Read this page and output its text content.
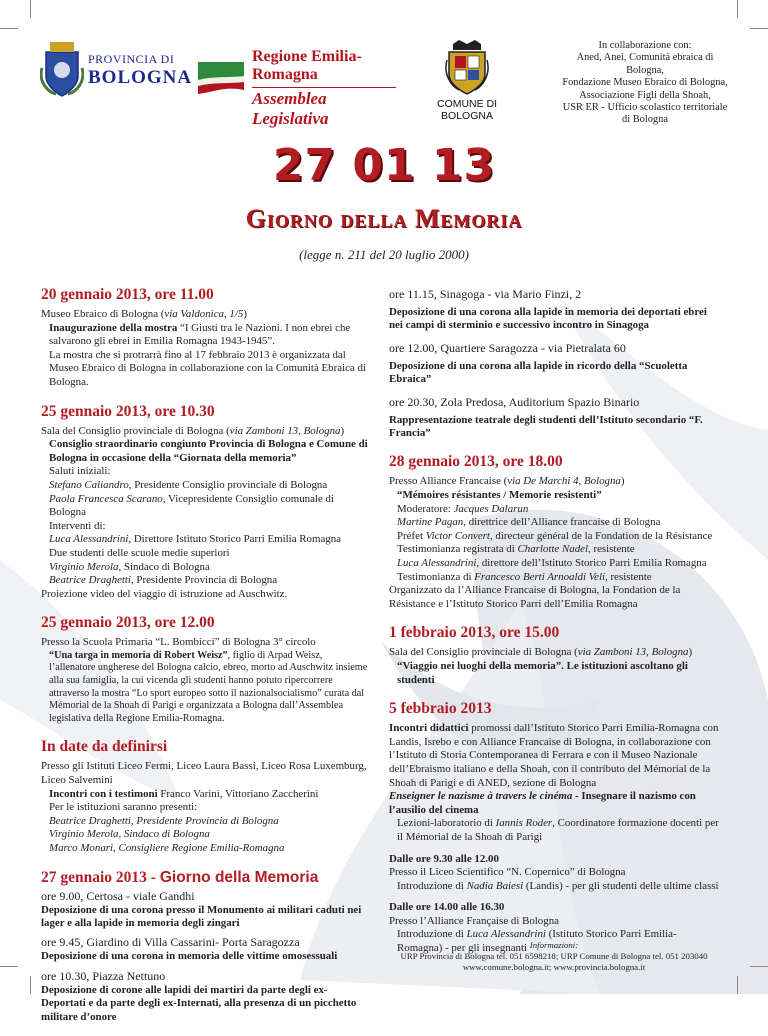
PROVINCIA DI
BOLOGNA
Regione Emilia-Romagna
Assemblea Legislativa
COMUNE DI BOLOGNA
In collaborazione con:
Aned, Anei, Comunità ebraica di
Bologna,
Fondazione Museo Ebraico di Bologna,
Associazione Figli della Shoah,
USR ER - Ufficio scolastico territoriale
di Bologna
27 01 13
Giorno della Memoria
(legge n. 211 del 20 luglio 2000)
20 gennaio 2013, ore 11.00

Museo Ebraico di Bologna (via Valdonica, 1/5)

Inaugurazione della mostra “I Giusti tra le Nazioni. I non ebrei che salvarono gli ebrei in Emilia Romagna 1943-1945”.

La mostra che si protrarrà fino al 17 febbraio 2013 è organizzata dal Museo Ebraico di Bologna in collaborazione con la Comunità Ebraica di Bologna.

25 gennaio 2013, ore 10.30

Sala del Consiglio provinciale di Bologna (via Zamboni 13, Bologna)

Consiglio straordinario congiunto Provincia di Bologna e Comune di Bologna in occasione della “Giornata della memoria”

Saluti iniziali:

Stefano Caliandro, Presidente Consiglio provinciale di Bologna

Paola Francesca Scarano, Vicepresidente Consiglio comunale di Bologna

Interventi di:

Luca Alessandrini, Direttore Istituto Storico Parri Emilia Romagna

Due studenti delle scuole medie superiori

Virginio Merola, Sindaco di Bologna

Beatrice Draghetti, Presidente Provincia di Bologna

Proiezione video del viaggio di istruzione ad Auschwitz.

25 gennaio 2013, ore 12.00

Presso la Scuola Primaria “L. Bombicci” di Bologna 3° circolo

“Una targa in memoria di Robert Weisz”, figlio di Arpad Weisz, l’allenatore ungherese del Bologna calcio, ebreo, morto ad Auschwitz insieme alla sua famiglia, la cui vicenda gli studenti hanno potuto ripercorrere attraverso la mostra “Lo sport europeo sotto il nazionalsocialismo” curata dal Mémorial de la Shoah di Parigi e organizzata a Bologna dall’Assemblea legislativa della Regione Emilia-Romagna.

In date da definirsi

Presso gli Istituti Liceo Fermi, Liceo Laura Bassi, Liceo Rosa Luxemburg, Liceo Salvemini

Incontri con i testimoni Franco Varini, Vittoriano Zaccherini

Per le istituzioni saranno presenti:

Beatrice Draghetti, Presidente Provincia di Bologna

Virginio Merola, Sindaco di Bologna

Marco Monari, Consigliere Regione Emilia-Romagna

27 gennaio 2013 - Giorno della Memoria

ore 9.00, Certosa - viale Gandhi

Deposizione di una corona presso il Monumento ai militari caduti nei lager e alla lapide in memoria degli zingari

ore 9.45, Giardino di Villa Cassarini- Porta Saragozza

Deposizione di una corona in memoria delle vittime omosessuali

ore 10.30, Piazza Nettuno

Deposizione di corone alle lapidi dei martiri da parte degli ex-Deportati e da parte degli ex-Internati, alla presenza di un picchetto militare d’onore

ore 11.15, Sinagoga - via Mario Finzi, 2

Deposizione di una corona alla lapide in memoria dei deportati ebrei nei campi di sterminio e successivo incontro in Sinagoga

ore 12.00, Quartiere Saragozza - via Pietralata 60

Deposizione di una corona alla lapide in ricordo della “Scuoletta Ebraica”

ore 20.30, Zola Predosa, Auditorium Spazio Binario

Rappresentazione teatrale degli studenti dell’Istituto secondario “F. Francia”

28 gennaio 2013, ore 18.00

Presso Alliance Francaise (via De Marchi 4, Bologna)

“Mémoires résistantes / Memorie resistenti”

Moderatore: Jacques Dalarun

Martine Pagan, direttrice dell’Alliance francaise di Bologna

Préfet Victor Convert, directeur général de la Fondation de la Résistance

Testimonianza registrata di Charlotte Nadel, resistente

Luca Alessandrini, direttore dell’Istituto Storico Parri Emilia Romagna

Testimonianza di Francesco Berti Arnoaldi Veli, resistente

Organizzato da l’Alliance Francaise di Bologna, la Fondation de la Résistance e l’Istituto Storico Parri dell’Emilia Romagna

1 febbraio 2013, ore 15.00

Sala del Consiglio provinciale di Bologna (via Zamboni 13, Bologna)

“Viaggio nei luoghi della memoria”. Le istituzioni ascoltano gli studenti

5 febbraio 2013

Incontri didattici promossi dall’Istituto Storico Parri Emilia-Romagna con Landis, Isrebo e con Alliance Francaise di Bologna, in collaborazione con l’Istituto di Storia Contemporanea di Ferrara e con il Museo Nazionale dell’Ebraismo italiano e della Shoah, con il contributo del Mémorial de la Shoah di Parigi e di ANED, sezione di Bologna

Enseigner le nazisme à travers le cinéma - Insegnare il nazismo con l’ausilio del cinema

Lezioni-laboratorio di Iannis Roder, Coordinatore formazione docenti per il Mémorial de la Shoah di Parigi

Dalle ore 9.30 alle 12.00

Presso il Liceo Scientifico “N. Copernico” di Bologna

Introduzione di Nadia Baiesi (Landis) - per gli studenti delle ultime classi

Dalle ore 14.00 alle 16.30

Presso l’Alliance Française di Bologna

Introduzione di Luca Alessandrini (Istituto Storico Parri Emilia-Romagna) - per gli insegnanti Informazioni:
URP Provincia di Bologna tel. 051 6598218; URP Comune di Bologna tel. 051 203040
www.comune.bologna.it; www.provincia.bologna.it
